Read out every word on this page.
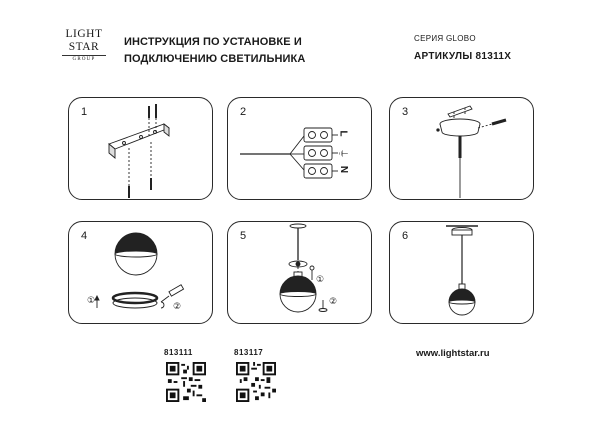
LIGHT
STAR
GROUP
ИНСТРУКЦИЯ ПО УСТАНОВКЕ И
ПОДКЛЮЧЕНИЮ СВЕТИЛЬНИКА
СЕРИЯ GLOBO
АРТИКУЛЫ 81311X
1	2
L
⏚
N
3
4
①
②
5
①
②
6
813111	813117	www.lightstar.ru
